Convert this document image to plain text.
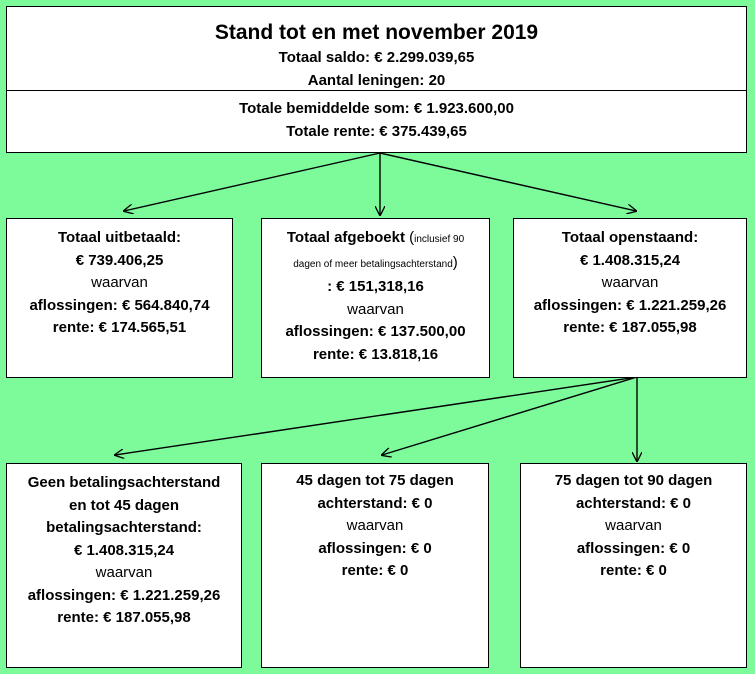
Stand tot en met november 2019
Totaal saldo: € 2.299.039,65
Aantal leningen: 20
Totale bemiddelde som: € 1.923.600,00
Totale rente: € 375.439,65
Totaal uitbetaald:
€ 739.406,25
waarvan
aflossingen: € 564.840,74
rente: € 174.565,51
Totaal afgeboekt (inclusief 90
dagen of meer betalingsachterstand)
: € 151,318,16
waarvan
aflossingen: € 137.500,00
rente: € 13.818,16
Totaal openstaand:
€ 1.408.315,24
waarvan
aflossingen: € 1.221.259,26
rente: € 187.055,98
Geen betalingsachterstand
en tot 45 dagen
betalingsachterstand:
€ 1.408.315,24
waarvan
aflossingen: € 1.221.259,26
rente: € 187.055,98
45 dagen tot 75 dagen
achterstand: € 0
waarvan
aflossingen: € 0
rente: € 0
75 dagen tot 90 dagen
achterstand: € 0
waarvan
aflossingen: € 0
rente: € 0
